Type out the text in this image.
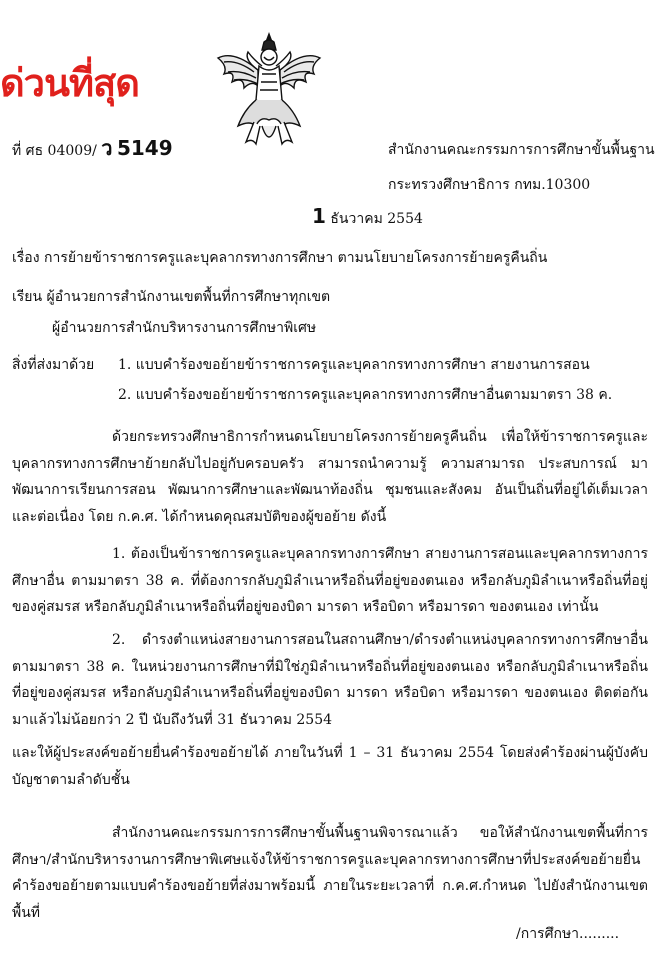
ด่วนที่สุด
ที่ ศธ 04009/ ว 5149	สำนักงานคณะกรรมการการศึกษาขั้นพื้นฐาน
กระทรวงศึกษาธิการ กทม.10300
1 ธันวาคม 2554
เรื่อง การย้ายข้าราชการครูและบุคลากรทางการศึกษา ตามนโยบายโครงการย้ายครูคืนถิ่น
เรียน ผู้อำนวยการสำนักงานเขตพื้นที่การศึกษาทุกเขต
ผู้อำนวยการสำนักบริหารงานการศึกษาพิเศษ
สิ่งที่ส่งมาด้วย 1. แบบคำร้องขอย้ายข้าราชการครูและบุคลากรทางการศึกษา สายงานการสอน
2. แบบคำร้องขอย้ายข้าราชการครูและบุคลากรทางการศึกษาอื่นตามมาตรา 38 ค.
ด้วยกระทรวงศึกษาธิการกำหนดนโยบายโครงการย้ายครูคืนถิ่น เพื่อให้ข้าราชการครูและบุคลากรทางการศึกษาย้ายกลับไปอยู่กับครอบครัว สามารถนำความรู้ ความสามารถ ประสบการณ์ มาพัฒนาการเรียนการสอน พัฒนาการศึกษาและพัฒนาท้องถิ่น ชุมชนและสังคม อันเป็นถิ่นที่อยู่ได้เต็มเวลาและต่อเนื่อง โดย ก.ค.ศ. ได้กำหนดคุณสมบัติของผู้ขอย้าย ดังนี้
1. ต้องเป็นข้าราชการครูและบุคลากรทางการศึกษา สายงานการสอนและบุคลากรทางการศึกษาอื่น ตามมาตรา 38 ค. ที่ต้องการกลับภูมิลำเนาหรือถิ่นที่อยู่ของตนเอง หรือกลับภูมิลำเนาหรือถิ่นที่อยู่ของคู่สมรส หรือกลับภูมิลำเนาหรือถิ่นที่อยู่ของบิดา มารดา หรือบิดา หรือมารดา ของตนเอง เท่านั้น
2. ดำรงตำแหน่งสายงานการสอนในสถานศึกษา/ดำรงตำแหน่งบุคลากรทางการศึกษาอื่น ตามมาตรา 38 ค. ในหน่วยงานการศึกษาที่มิใช่ภูมิลำเนาหรือถิ่นที่อยู่ของตนเอง หรือกลับภูมิลำเนาหรือถิ่นที่อยู่ของคู่สมรส หรือกลับภูมิลำเนาหรือถิ่นที่อยู่ของบิดา มารดา หรือบิดา หรือมารดา ของตนเอง ติดต่อกันมาแล้วไม่น้อยกว่า 2 ปี นับถึงวันที่ 31 ธันวาคม 2554
และให้ผู้ประสงค์ขอย้ายยื่นคำร้องขอย้ายได้ ภายในวันที่ 1 – 31 ธันวาคม 2554 โดยส่งคำร้องผ่านผู้บังคับบัญชาตามลำดับชั้น
สำนักงานคณะกรรมการการศึกษาขั้นพื้นฐานพิจารณาแล้ว ขอให้สำนักงานเขตพื้นที่การศึกษา/สำนักบริหารงานการศึกษาพิเศษแจ้งให้ข้าราชการครูและบุคลากรทางการศึกษาที่ประสงค์ขอย้ายยื่นคำร้องขอย้ายตามแบบคำร้องขอย้ายที่ส่งมาพร้อมนี้ ภายในระยะเวลาที่ ก.ค.ศ.กำหนด ไปยังสำนักงานเขตพื้นที่
/การศึกษา.........
